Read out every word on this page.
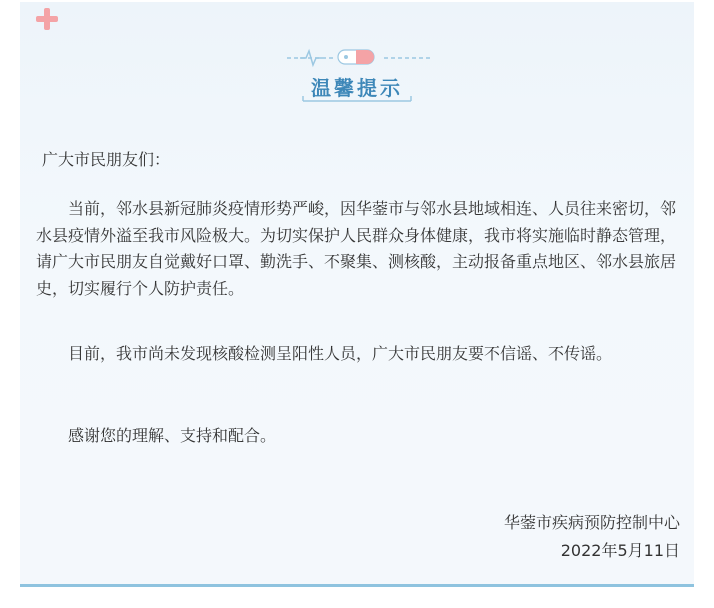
温馨提示
广大市民朋友们：

当前，邻水县新冠肺炎疫情形势严峻，因华蓥市与邻水县地域相连、人员往来密切，邻水县疫情外溢至我市风险极大。为切实保护人民群众身体健康，我市将实施临时静态管理，请广大市民朋友自觉戴好口罩、勤洗手、不聚集、测核酸，主动报备重点地区、邻水县旅居史，切实履行个人防护责任。

目前，我市尚未发现核酸检测呈阳性人员，广大市民朋友要不信谣、不传谣。

感谢您的理解、支持和配合。

华蓥市疾病预防控制中心
2022年5月11日
